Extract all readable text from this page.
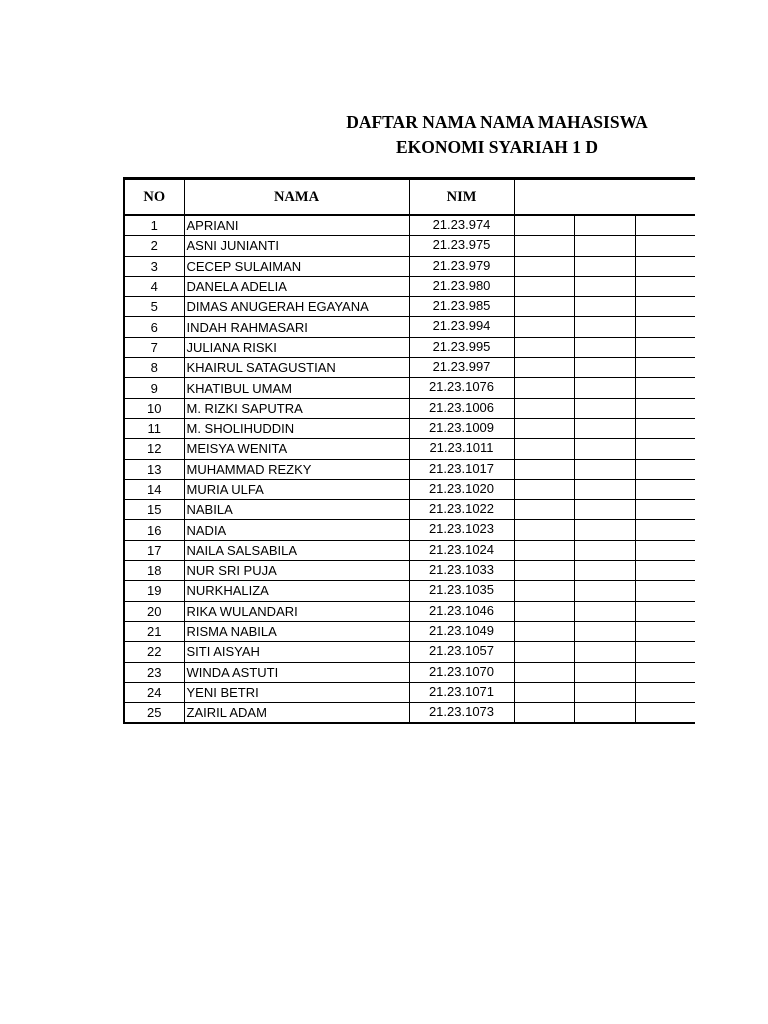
DAFTAR NAMA NAMA MAHASISWA
EKONOMI SYARIAH 1 D
NO	NAMA	NIM			
1	APRIANI	21.23.974			
2	ASNI JUNIANTI	21.23.975			
3	CECEP SULAIMAN	21.23.979			
4	DANELA ADELIA	21.23.980			
5	DIMAS ANUGERAH EGAYANA	21.23.985			
6	INDAH RAHMASARI	21.23.994			
7	JULIANA RISKI	21.23.995			
8	KHAIRUL SATAGUSTIAN	21.23.997			
9	KHATIBUL UMAM	21.23.1076			
10	M. RIZKI SAPUTRA	21.23.1006			
11	M. SHOLIHUDDIN	21.23.1009			
12	MEISYA WENITA	21.23.1011			
13	MUHAMMAD REZKY	21.23.1017			
14	MURIA ULFA	21.23.1020			
15	NABILA	21.23.1022			
16	NADIA	21.23.1023			
17	NAILA SALSABILA	21.23.1024			
18	NUR SRI PUJA	21.23.1033			
19	NURKHALIZA	21.23.1035			
20	RIKA WULANDARI	21.23.1046			
21	RISMA NABILA	21.23.1049			
22	SITI AISYAH	21.23.1057			
23	WINDA ASTUTI	21.23.1070			
24	YENI BETRI	21.23.1071			
25	ZAIRIL ADAM	21.23.1073			
